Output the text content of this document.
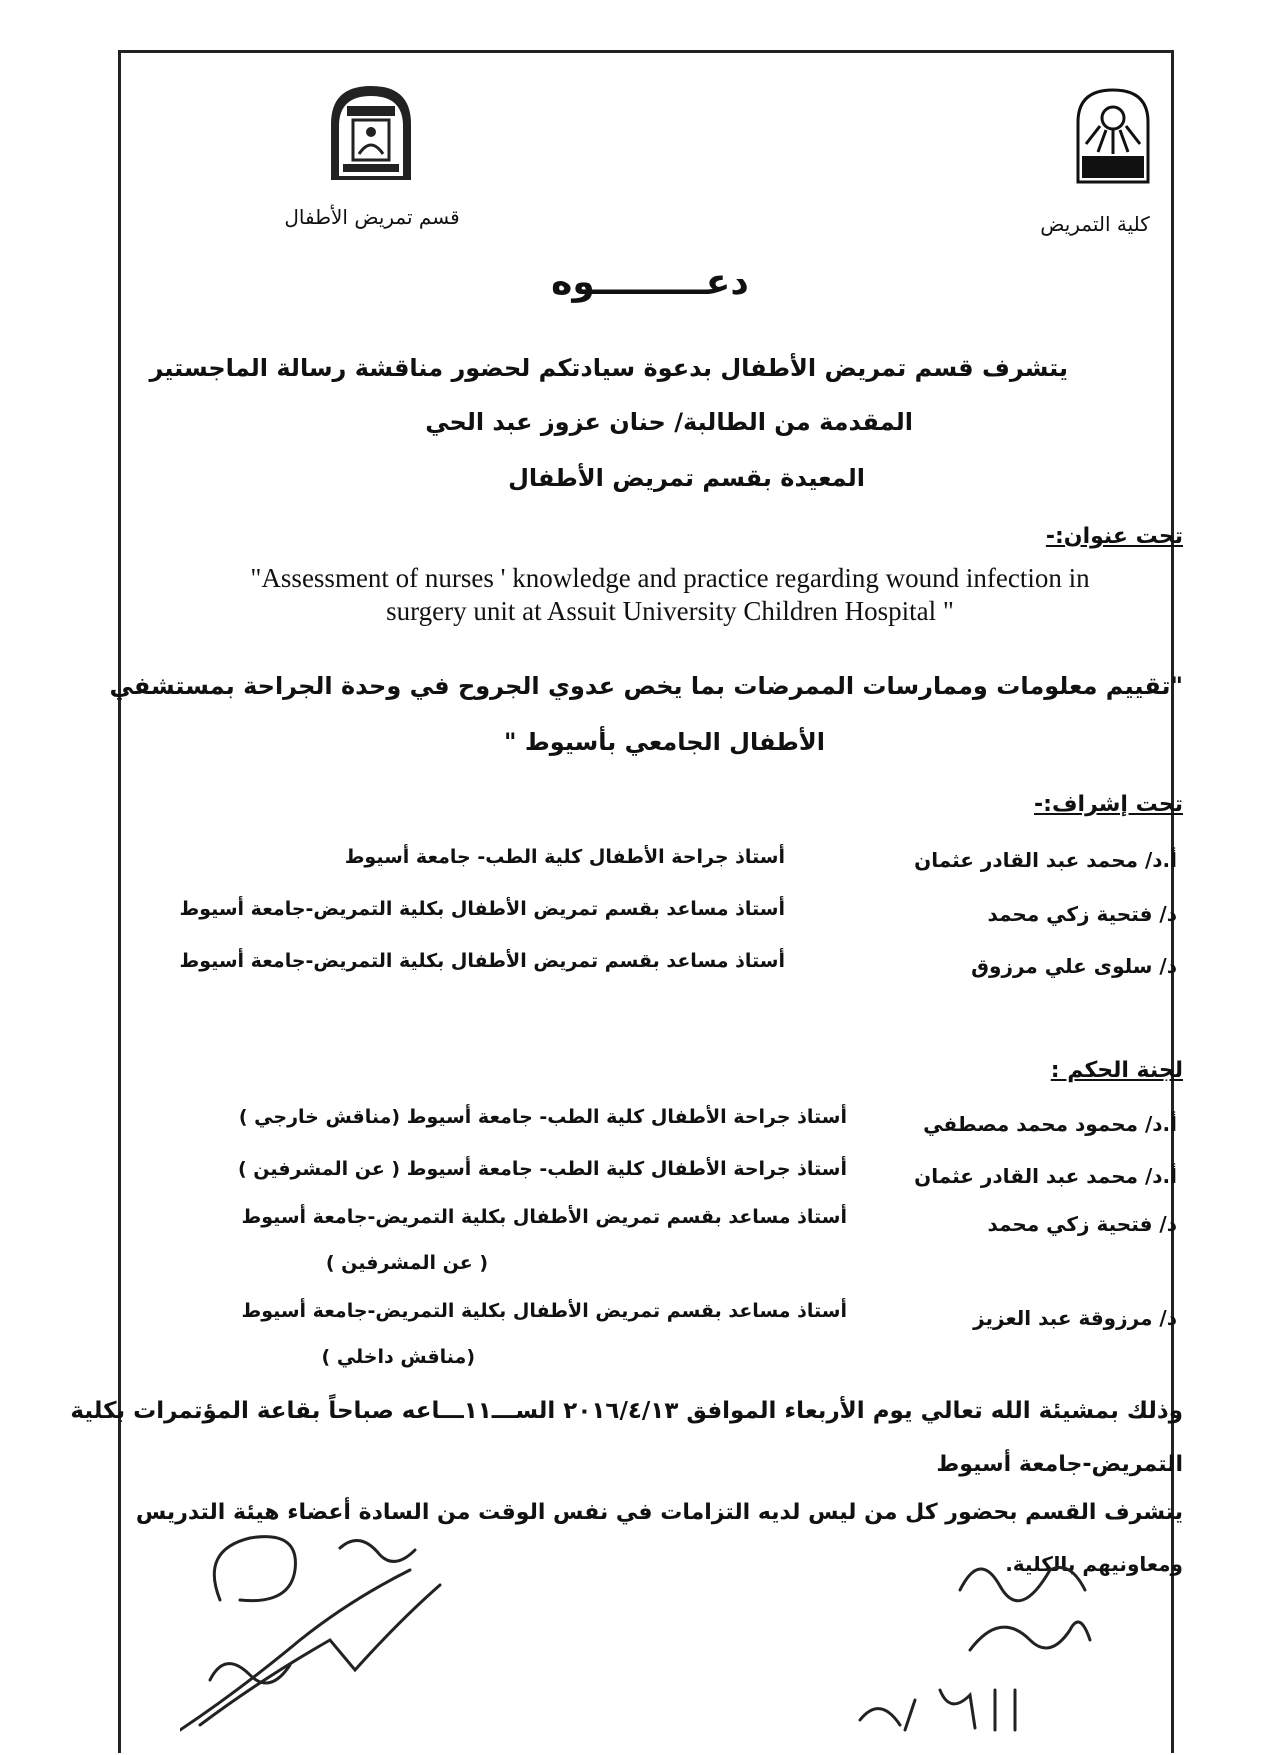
كلية التمريض
قسم تمريض الأطفال
دعـــــــــوه
يتشرف قسم تمريض الأطفال بدعوة سيادتكم لحضور مناقشة رسالة الماجستير
المقدمة من الطالبة/ حنان عزوز عبد الحي
المعيدة بقسم تمريض الأطفال
تحت عنوان:-
"Assessment of nurses ' knowledge and practice regarding wound infection in
surgery unit at Assuit University Children Hospital "
"تقييم معلومات وممارسات الممرضات بما يخص عدوي الجروح في وحدة الجراحة بمستشفي
الأطفال الجامعي بأسيوط "
تحت إشراف:-
أ.د/ محمد عبد القادر عثمان
أستاذ جراحة الأطفال كلية الطب- جامعة أسيوط
د/ فتحية زكي محمد
أستاذ مساعد بقسم تمريض الأطفال بكلية التمريض-جامعة أسيوط
د/ سلوى علي مرزوق
أستاذ مساعد بقسم تمريض الأطفال بكلية التمريض-جامعة أسيوط
لجنة الحكم :
أ.د/ محمود محمد مصطفي
أستاذ جراحة الأطفال كلية الطب- جامعة أسيوط (مناقش خارجي )
أ.د/ محمد عبد القادر عثمان
أستاذ جراحة الأطفال كلية الطب- جامعة أسيوط ( عن المشرفين )
د/ فتحية زكي محمد
أستاذ مساعد بقسم تمريض الأطفال بكلية التمريض-جامعة أسيوط
( عن المشرفين )
د/ مرزوقة عبد العزيز
أستاذ مساعد بقسم تمريض الأطفال بكلية التمريض-جامعة أسيوط
(مناقش داخلي )
وذلك بمشيئة الله تعالي يوم الأربعاء الموافق ٢٠١٦/٤/١٣ الســـ١١ـــاعه صباحاً بقاعة المؤتمرات بكلية
التمريض-جامعة أسيوط
يتشرف القسم بحضور كل من ليس لديه التزامات في نفس الوقت من السادة أعضاء هيئة التدريس
ومعاونيهم بالكلية.
